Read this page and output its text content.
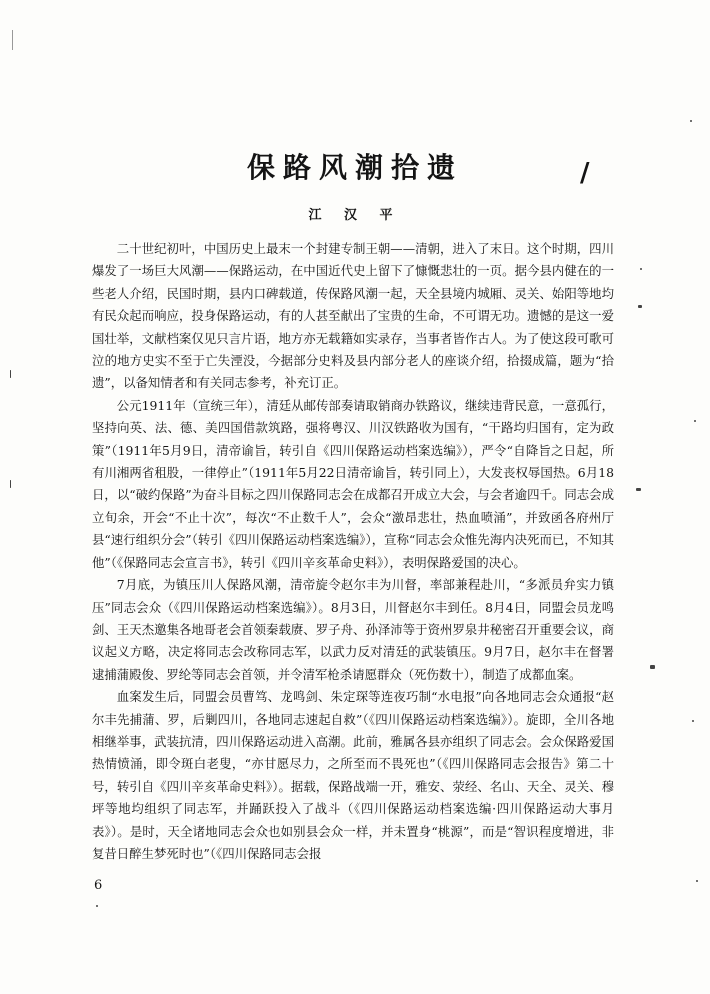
保路风潮拾遗	/
江 汉 平

二十世纪初叶，中国历史上最末一个封建专制王朝——清朝，进入了末日。这个时期，四川爆发了一场巨大风潮——保路运动，在中国近代史上留下了慷慨悲壮的一页。据今县内健在的一些老人介绍，民国时期，县内口碑载道，传保路风潮一起，天全县境内城厢、灵关、始阳等地均有民众起而响应，投身保路运动，有的人甚至献出了宝贵的生命，不可谓无功。遗憾的是这一爱国壮举，文献档案仅见只言片语，地方亦无载籍如实录存，当事者皆作古人。为了使这段可歌可泣的地方史实不至于亡失湮没，今据部分史料及县内部分老人的座谈介绍，拾掇成篇，题为“拾遗”，以备知情者和有关同志参考，补充订正。

公元1911年（宣统三年），清廷从邮传部奏请取销商办铁路议，继续违背民意，一意孤行，坚持向英、法、德、美四国借款筑路，强将粤汉、川汉铁路收为国有，“干路均归国有，定为政策”（1911年5月9日，清帝谕旨，转引自《四川保路运动档案选编》），严令“自降旨之日起，所有川湘两省租股，一律停止”（1911年5月22日清帝谕旨，转引同上），大发丧权辱国热。6月18日，以“破约保路”为奋斗目标之四川保路同志会在成都召开成立大会，与会者逾四千。同志会成立旬余，开会“不止十次”，每次“不止数千人”，会众“激昂悲壮，热血喷涌”，并致函各府州厅县“速行组织分会”（转引《四川保路运动档案选编》），宣称“同志会众惟先海内决死而已，不知其他”（《保路同志会宣言书》，转引《四川辛亥革命史料》），表明保路爱国的决心。

7月底，为镇压川人保路风潮，清帝旋令赵尔丰为川督，率部兼程赴川，“多派员弁实力镇压”同志会众（《四川保路运动档案选编》）。8月3日，川督赵尔丰到任。8月4日，同盟会员龙鸣剑、王天杰邀集各地哥老会首领秦载赓、罗子舟、孙泽沛等于资州罗泉井秘密召开重要会议，商议起义方略，决定将同志会改称同志军，以武力反对清廷的武装镇压。9月7日，赵尔丰在督署逮捕蒲殿俊、罗纶等同志会首领，并令清军枪杀请愿群众（死伤数十），制造了成都血案。

血案发生后，同盟会员曹笃、龙鸣剑、朱定琛等连夜巧制“水电报”向各地同志会众通报“赵尔丰先捕蒲、罗，后剿四川，各地同志速起自救”（《四川保路运动档案选编》）。旋即，全川各地相继举事，武装抗清，四川保路运动进入高潮。此前，雅属各县亦组织了同志会。会众保路爱国热情愤涌，即令斑白老叟，“亦甘愿尽力，之所至而不畏死也”（《四川保路同志会报告》第二十号，转引自《四川辛亥革命史料》）。据载，保路战端一开，雅安、荥经、名山、天全、灵关、穆坪等地均组织了同志军，并踊跃投入了战斗（《四川保路运动档案选编·四川保路运动大事月表》）。是时，天全诸地同志会众也如别县会众一样，并未置身“桃源”，而是“智识程度增进，非复昔日醉生梦死时也”（《四川保路同志会报

6
